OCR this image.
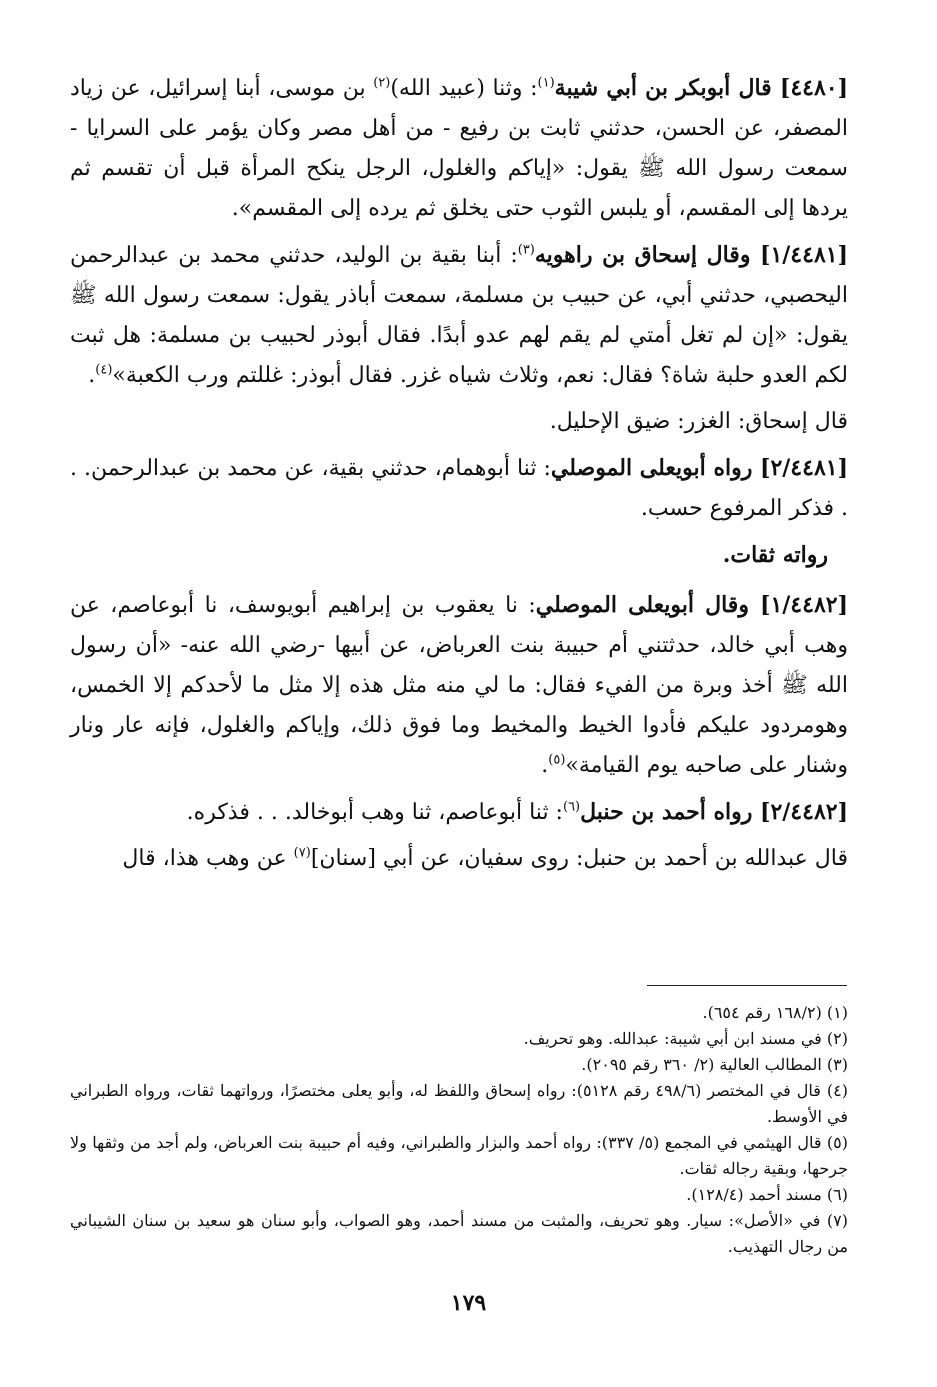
[٤٤٨٠] قال أبوبكر بن أبي شيبة$^{(١)}$: وثنا (عبيد الله)$^{(٢)}$ بن موسى، أبنا إسرائيل، عن زياد المصفر، عن الحسن، حدثني ثابت بن رفيع - من أهل مصر وكان يؤمر على السرايا - سمعت رسول الله ﷺ يقول: «إياكم والغلول، الرجل ينكح المرأة قبل أن تقسم ثم يردها إلى المقسم، أو يلبس الثوب حتى يخلق ثم يرده إلى المقسم».

[١/٤٤٨١] وقال إسحاق بن راهويه$^{(٣)}$: أبنا بقية بن الوليد، حدثني محمد بن عبدالرحمن اليحصبي، حدثني أبي، عن حبيب بن مسلمة، سمعت أباذر يقول: سمعت رسول الله ﷺ يقول: «إن لم تغل أمتي لم يقم لهم عدو أبدًا. فقال أبوذر لحبيب بن مسلمة: هل ثبت لكم العدو حلبة شاة؟ فقال: نعم، وثلاث شياه غزر. فقال أبوذر: غللتم ورب الكعبة»$^{(٤)}$.

قال إسحاق: الغزر: ضيق الإحليل.

[٢/٤٤٨١] رواه أبويعلى الموصلي: ثنا أبوهمام، حدثني بقية، عن محمد بن عبدالرحمن. . . فذكر المرفوع حسب.

رواته ثقات.

[١/٤٤٨٢] وقال أبويعلى الموصلي: نا يعقوب بن إبراهيم أبويوسف، نا أبوعاصم، عن وهب أبي خالد، حدثتني أم حبيبة بنت العرباض، عن أبيها -رضي الله عنه- «أن رسول الله ﷺ أخذ وبرة من الفيء فقال: ما لي منه مثل هذه إلا مثل ما لأحدكم إلا الخمس، وهومردود عليكم فأدوا الخيط والمخيط وما فوق ذلك، وإياكم والغلول، فإنه عار ونار وشنار على صاحبه يوم القيامة»$^{(٥)}$.

[٢/٤٤٨٢] رواه أحمد بن حنبل$^{(٦)}$: ثنا أبوعاصم، ثنا وهب أبوخالد. . . فذكره.

قال عبدالله بن أحمد بن حنبل: روى سفيان، عن أبي [سنان]$^{(٧)}$ عن وهب هذا، قال

(١) (١٦٨/٢ رقم ٦٥٤).

(٢) في مسند ابن أبي شيبة: عبدالله. وهو تحريف.

(٣) المطالب العالية (٢/ ٣٦٠ رقم ٢٠٩٥).

(٤) قال في المختصر (٤٩٨/٦ رقم ٥١٢٨): رواه إسحاق واللفظ له، وأبو يعلى مختصرًا، ورواتهما ثقات، ورواه الطبراني في الأوسط.

(٥) قال الهيثمي في المجمع (٥/ ٣٣٧): رواه أحمد والبزار والطبراني، وفيه أم حبيبة بنت العرباض، ولم أجد من وثقها ولا جرحها، وبقية رجاله ثقات.

(٦) مسند أحمد (١٢٨/٤).

(٧) في «الأصل»: سيار. وهو تحريف، والمثبت من مسند أحمد، وهو الصواب، وأبو سنان هو سعيد بن سنان الشيباني من رجال التهذيب.

١٧٩
